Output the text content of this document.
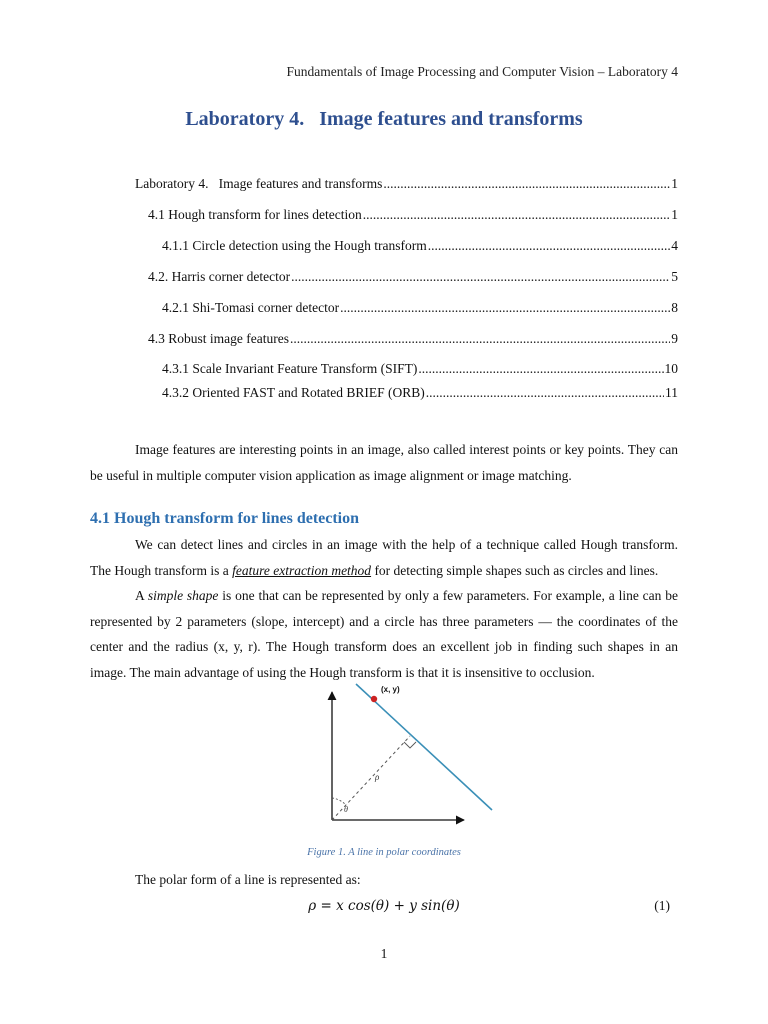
Fundamentals of Image Processing and Computer Vision – Laboratory 4
Laboratory 4.   Image features and transforms
Laboratory 4.   Image features and transforms .....	1
4.1 Hough transform for lines detection .....	1
4.1.1 Circle detection using the Hough transform .....	4
4.2. Harris corner detector .....	5
4.2.1 Shi-Tomasi corner detector .....	8
4.3 Robust image features .....	9
4.3.1 Scale Invariant Feature Transform (SIFT) .....	10
4.3.2 Oriented FAST and Rotated BRIEF (ORB) .....	11
Image features are interesting points in an image, also called interest points or key points. They can be useful in multiple computer vision application as image alignment or image matching.
4.1 Hough transform for lines detection
We can detect lines and circles in an image with the help of a technique called Hough transform. The Hough transform is a feature extraction method for detecting simple shapes such as circles and lines.
A simple shape is one that can be represented by only a few parameters. For example, a line can be represented by 2 parameters (slope, intercept) and a circle has three parameters — the coordinates of the center and the radius (x, y, r). The Hough transform does an excellent job in finding such shapes in an image. The main advantage of using the Hough transform is that it is insensitive to occlusion.
(x, y)
ρ
θ
Figure 1. A line in polar coordinates
The polar form of a line is represented as:
ρ = x cos(θ) + y sin(θ)	(1)
1
